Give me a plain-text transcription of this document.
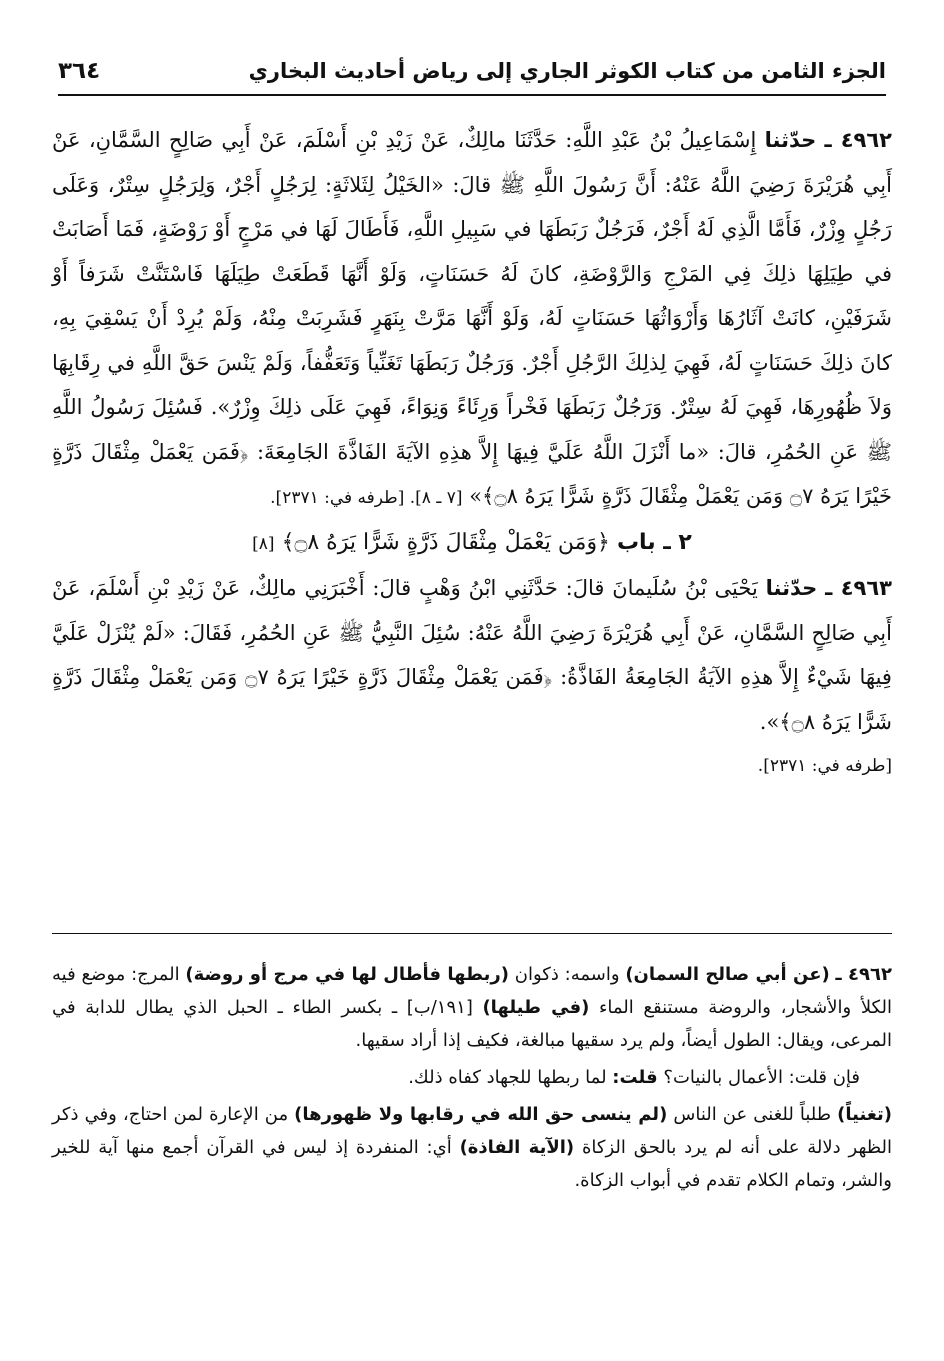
الجزء الثامن من كتاب الكوثر الجاري إلى رياض أحاديث البخاري
٣٦٤

٤٩٦٢ ـ حدّثنا إِسْمَاعِيلُ بْنُ عَبْدِ اللَّهِ: حَدَّثَنَا مالِكٌ، عَنْ زَيْدِ بْنِ أَسْلَمَ، عَنْ أَبِي صَالِحٍ السَّمَّانِ، عَنْ أَبِي هُرَيْرَةَ رَضِيَ اللَّهُ عَنْهُ: أَنَّ رَسُولَ اللَّهِ ﷺ قالَ: «الخَيْلُ لِثَلاثَةٍ: لِرَجُلٍ أَجْرٌ، وَلِرَجُلٍ سِتْرٌ، وَعَلَى رَجُلٍ وِزْرٌ، فَأَمَّا الَّذِي لَهُ أَجْرٌ، فَرَجُلٌ رَبَطَهَا في سَبِيلِ اللَّهِ، فَأَطَالَ لَهَا في مَرْجٍ أَوْ رَوْضَةٍ، فَمَا أَصَابَتْ في طِيَلِهَا ذلِكَ فِي المَرْجِ وَالرَّوْضَةِ، كانَ لَهُ حَسَنَاتٍ، وَلَوْ أَنَّهَا قَطَعَتْ طِيَلَهَا فَاسْتَنَّتْ شَرَفاً أَوْ شَرَفَيْنِ، كانَتْ آثَارُهَا وَأَرْوَاثُهَا حَسَنَاتٍ لَهُ، وَلَوْ أَنَّهَا مَرَّتْ بِنَهَرٍ فَشَرِبَتْ مِنْهُ، وَلَمْ يُرِدْ أَنْ يَسْقِيَ بِهِ، كانَ ذلِكَ حَسَنَاتٍ لَهُ، فَهِيَ لِذلِكَ الرَّجُلِ أَجْرٌ. وَرَجُلٌ رَبَطَهَا تَغَنِّياً وَتَعَفُّفاً، وَلَمْ يَنْسَ حَقَّ اللَّهِ في رِقَابِهَا وَلاَ ظُهُورِهَا، فَهِيَ لَهُ سِتْرٌ. وَرَجُلٌ رَبَطَهَا فَخْراً وَرِئَاءً وَنِوَاءً، فَهِيَ عَلَى ذلِكَ وِزْرٌ». فَسُئِلَ رَسُولُ اللَّهِ ﷺ عَنِ الحُمُرِ، قالَ: «ما أَنْزَلَ اللَّهُ عَلَيَّ فِيهَا إِلاَّ هذِهِ الآيَةَ الفَاذَّةَ الجَامِعَةَ: ﴿فَمَن يَعْمَلْ مِثْقَالَ ذَرَّةٍ خَيْرًا يَرَهُ ۝٧ وَمَن يَعْمَلْ مِثْقَالَ ذَرَّةٍ شَرًّا يَرَهُ ۝٨﴾» [٧ ـ ٨]. [طرفه في: ٢٣٧١].

٢ ـ باب ﴿وَمَن يَعْمَلْ مِثْقَالَ ذَرَّةٍ شَرًّا يَرَهُ ۝٨﴾ [٨]

٤٩٦٣ ـ حدّثنا يَحْيَى بْنُ سُلَيمانَ قالَ: حَدَّثَنِي ابْنُ وَهْبٍ قالَ: أَخْبَرَنِي مالِكٌ، عَنْ زَيْدِ بْنِ أَسْلَمَ، عَنْ أَبِي صَالِحٍ السَّمَّانِ، عَنْ أَبِي هُرَيْرَةَ رَضِيَ اللَّهُ عَنْهُ: سُئِلَ النَّبِيُّ ﷺ عَنِ الحُمُرِ، فَقَالَ: «لَمْ يُنْزَلْ عَلَيَّ فِيهَا شَيْءٌ إِلاَّ هذِهِ الآيَةُ الجَامِعَةُ الفَاذَّةُ: ﴿فَمَن يَعْمَلْ مِثْقَالَ ذَرَّةٍ خَيْرًا يَرَهُ ۝٧ وَمَن يَعْمَلْ مِثْقَالَ ذَرَّةٍ شَرًّا يَرَهُ ۝٨﴾».

[طرفه في: ٢٣٧١].

٤٩٦٢ ـ (عن أبي صالح السمان) واسمه: ذكوان (ربطها فأطال لها في مرج أو روضة) المرج: موضع فيه الكلأ والأشجار، والروضة مستنقع الماء (في طيلها) [١٩١/ب] ـ بكسر الطاء ـ الحبل الذي يطال للدابة في المرعى، ويقال: الطول أيضاً، ولم يرد سقيها مبالغة، فكيف إذا أراد سقيها.

فإن قلت: الأعمال بالنيات؟ قلت: لما ربطها للجهاد كفاه ذلك.

(تغنياً) طلباً للغنى عن الناس (لم ينسى حق الله في رقابها ولا ظهورها) من الإعارة لمن احتاج، وفي ذكر الظهر دلالة على أنه لم يرد بالحق الزكاة (الآية الفاذة) أي: المنفردة إذ ليس في القرآن أجمع منها آية للخير والشر، وتمام الكلام تقدم في أبواب الزكاة.
